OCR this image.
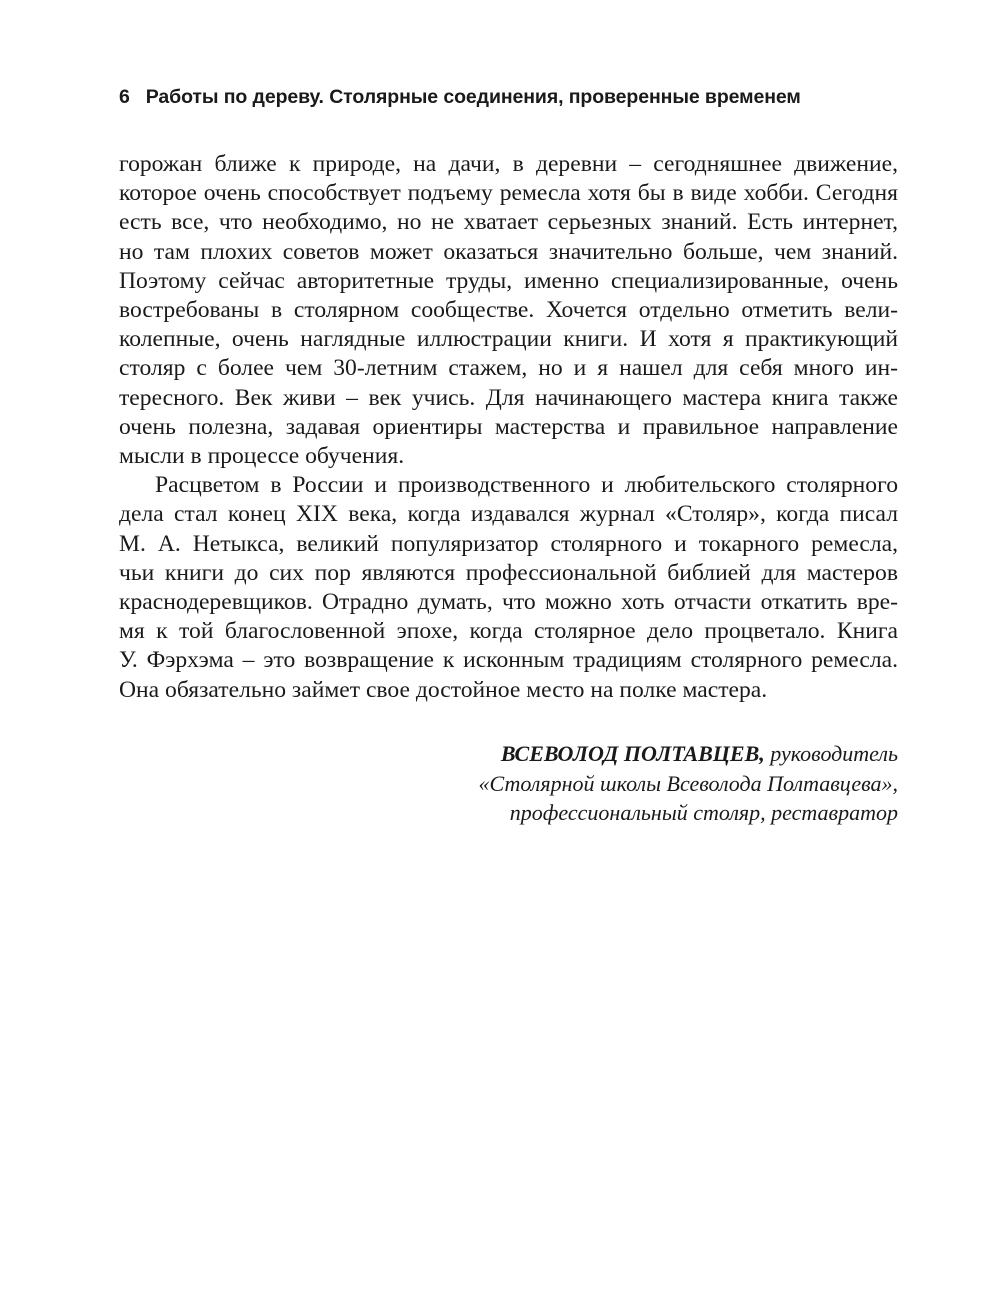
6 Работы по дереву. Столярные соединения, проверенные временем
горожан ближе к природе, на дачи, в деревни – сегодняшнее движение,
которое очень способствует подъему ремесла хотя бы в виде хобби. Сегодня
есть все, что необходимо, но не хватает серьезных знаний. Есть интернет,
но там плохих советов может оказаться значительно больше, чем знаний.
Поэтому сейчас авторитетные труды, именно специализированные, очень
востребованы в столярном сообществе. Хочется отдельно отметить вели-
колепные, очень наглядные иллюстрации книги. И хотя я практикующий
столяр с более чем 30-летним стажем, но и я нашел для себя много ин-
тересного. Век живи – век учись. Для начинающего мастера книга также
очень полезна, задавая ориентиры мастерства и правильное направление
мысли в процессе обучения.
Расцветом в России и производственного и любительского столярного
дела стал конец XIX века, когда издавался журнал «Столяр», когда писал
М. А. Нетыкса, великий популяризатор столярного и токарного ремесла,
чьи книги до сих пор являются профессиональной библией для мастеров
краснодеревщиков. Отрадно думать, что можно хоть отчасти откатить вре-
мя к той благословенной эпохе, когда столярное дело процветало. Книга
У. Фэрхэма – это возвращение к исконным традициям столярного ремесла.
Она обязательно займет свое достойное место на полке мастера.
ВСЕВОЛОД ПОЛТАВЦЕВ, руководитель
«Столярной школы Всеволода Полтавцева»,
профессиональный столяр, реставратор
